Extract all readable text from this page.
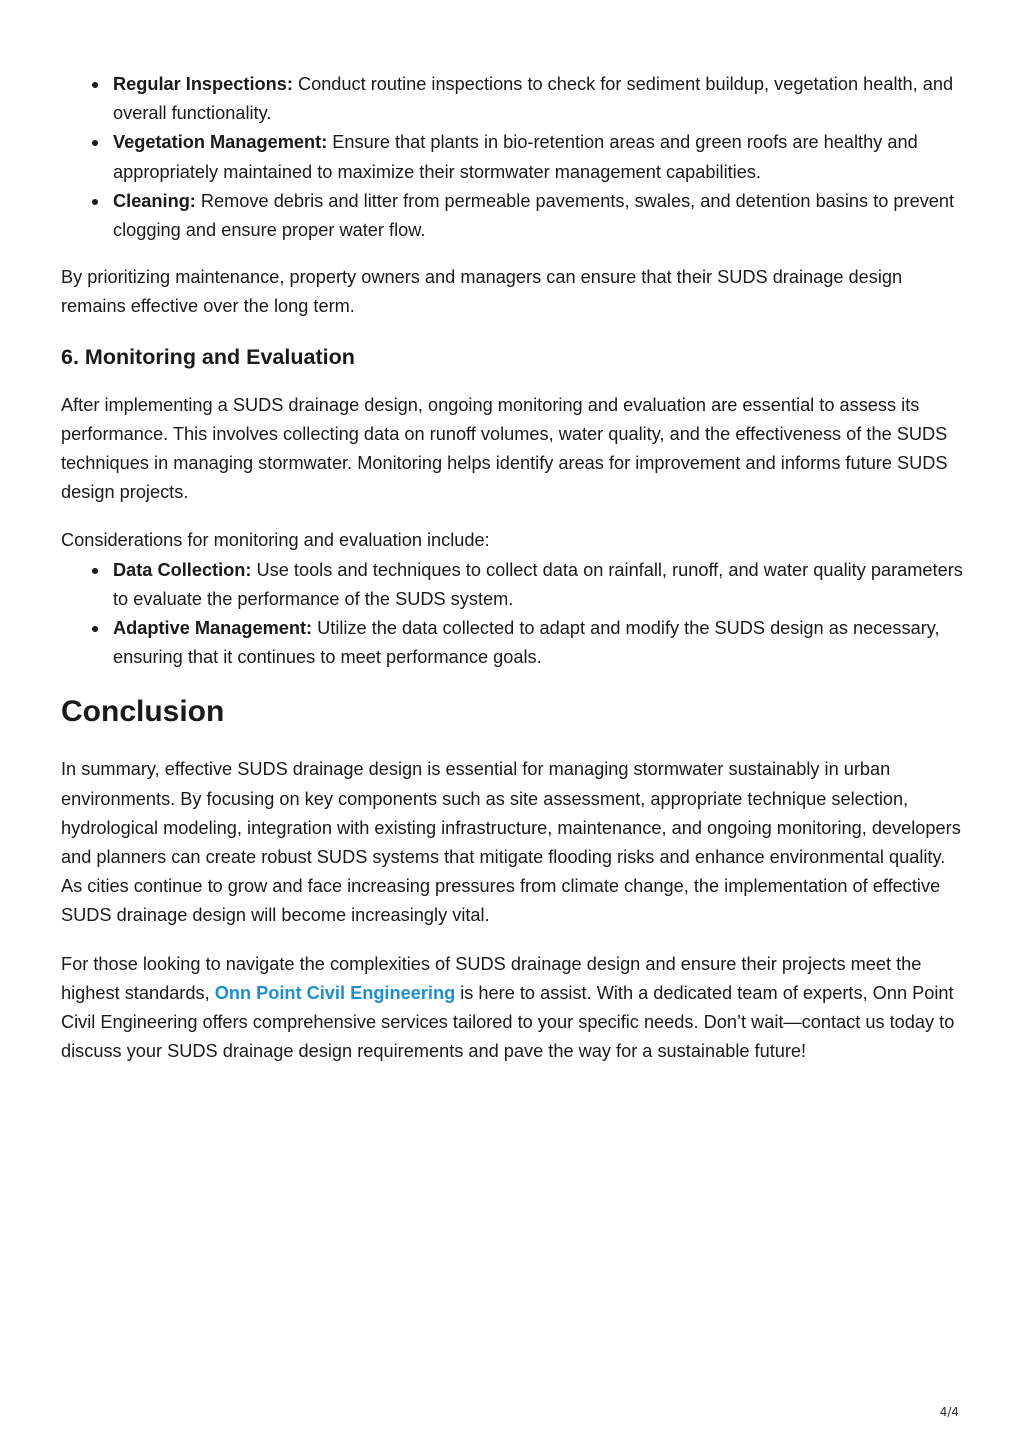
Regular Inspections: Conduct routine inspections to check for sediment buildup, vegetation health, and overall functionality.
Vegetation Management: Ensure that plants in bio-retention areas and green roofs are healthy and appropriately maintained to maximize their stormwater management capabilities.
Cleaning: Remove debris and litter from permeable pavements, swales, and detention basins to prevent clogging and ensure proper water flow.

By prioritizing maintenance, property owners and managers can ensure that their SUDS drainage design remains effective over the long term.

6. Monitoring and Evaluation

After implementing a SUDS drainage design, ongoing monitoring and evaluation are essential to assess its performance. This involves collecting data on runoff volumes, water quality, and the effectiveness of the SUDS techniques in managing stormwater. Monitoring helps identify areas for improvement and informs future SUDS design projects.

Considerations for monitoring and evaluation include:

Data Collection: Use tools and techniques to collect data on rainfall, runoff, and water quality parameters to evaluate the performance of the SUDS system.
Adaptive Management: Utilize the data collected to adapt and modify the SUDS design as necessary, ensuring that it continues to meet performance goals.
Conclusion

In summary, effective SUDS drainage design is essential for managing stormwater sustainably in urban environments. By focusing on key components such as site assessment, appropriate technique selection, hydrological modeling, integration with existing infrastructure, maintenance, and ongoing monitoring, developers and planners can create robust SUDS systems that mitigate flooding risks and enhance environmental quality. As cities continue to grow and face increasing pressures from climate change, the implementation of effective SUDS drainage design will become increasingly vital.

For those looking to navigate the complexities of SUDS drainage design and ensure their projects meet the highest standards, Onn Point Civil Engineering is here to assist. With a dedicated team of experts, Onn Point Civil Engineering offers comprehensive services tailored to your specific needs. Don’t wait—contact us today to discuss your SUDS drainage design requirements and pave the way for a sustainable future!

4/4
